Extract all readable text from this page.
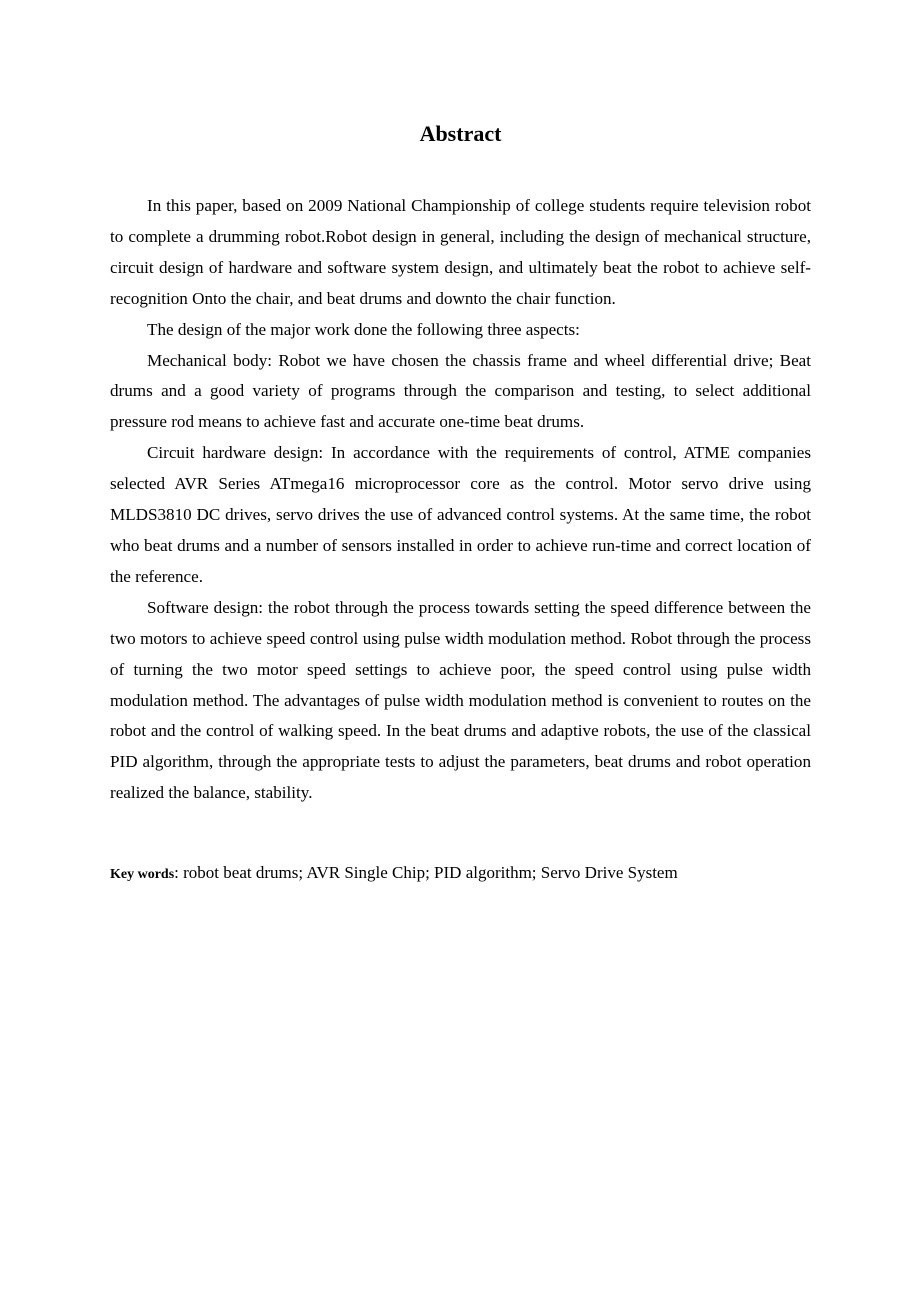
Abstract

In this paper, based on 2009 National Championship of college students require television robot to complete a drumming robot.Robot design in general, including the design of mechanical structure, circuit design of hardware and software system design, and ultimately beat the robot to achieve self-recognition Onto the chair, and beat drums and downto the chair function.

The design of the major work done the following three aspects:

Mechanical body: Robot we have chosen the chassis frame and wheel differential drive; Beat drums and a good variety of programs through the comparison and testing, to select additional pressure rod means to achieve fast and accurate one-time beat drums.

Circuit hardware design: In accordance with the requirements of control, ATME companies selected AVR Series ATmega16 microprocessor core as the control. Motor servo drive using MLDS3810 DC drives, servo drives the use of advanced control systems. At the same time, the robot who beat drums and a number of sensors installed in order to achieve run-time and correct location of the reference.

Software design: the robot through the process towards setting the speed difference between the two motors to achieve speed control using pulse width modulation method. Robot through the process of turning the two motor speed settings to achieve poor, the speed control using pulse width modulation method. The advantages of pulse width modulation method is convenient to routes on the robot and the control of walking speed. In the beat drums and adaptive robots, the use of the classical PID algorithm, through the appropriate tests to adjust the parameters, beat drums and robot operation realized the balance, stability.

Key words: robot beat drums; AVR Single Chip; PID algorithm; Servo Drive System
